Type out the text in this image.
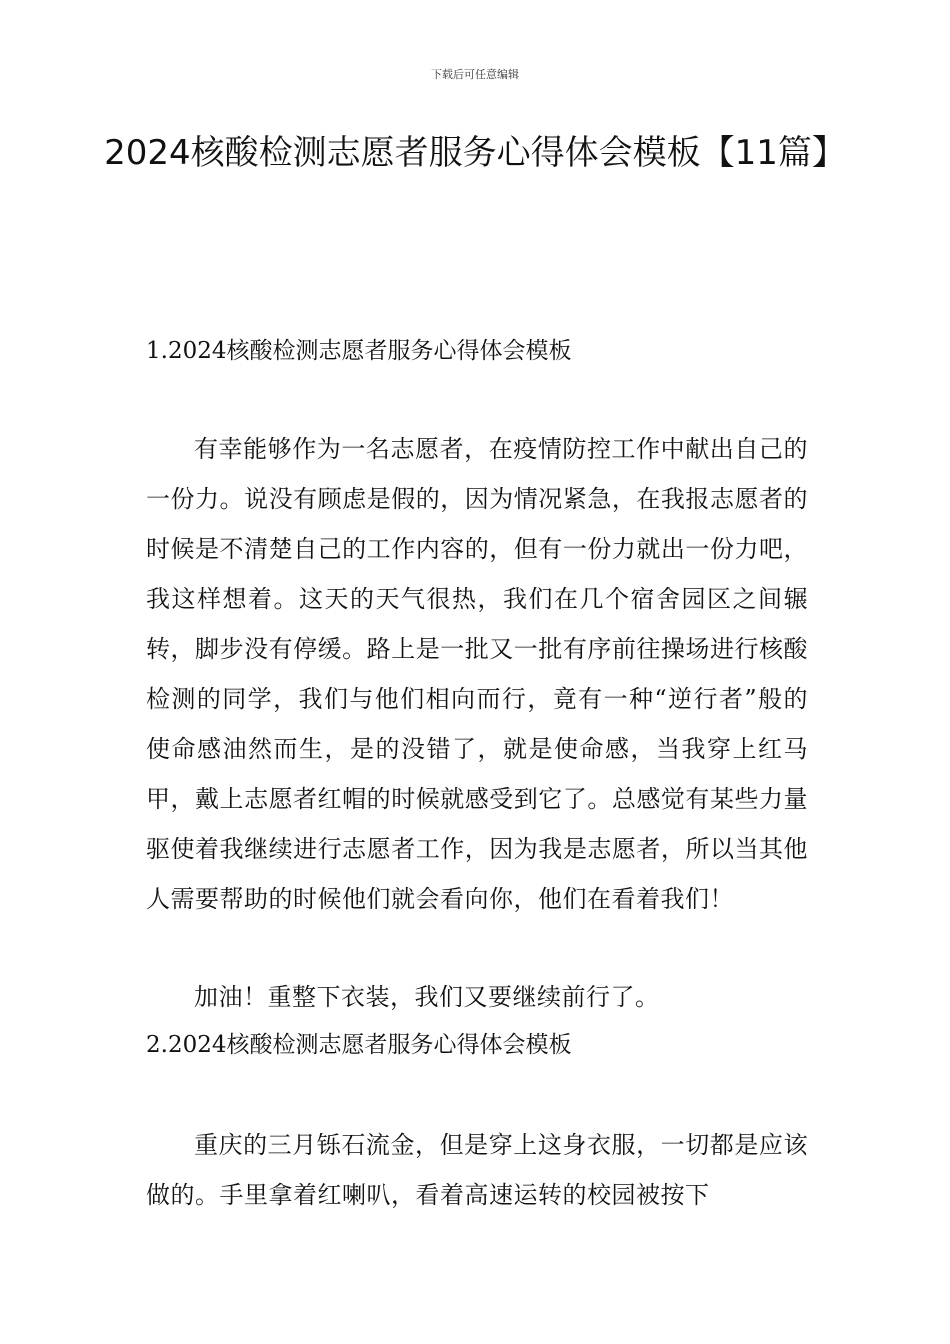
下载后可任意编辑
2024核酸检测志愿者服务心得体会模板【11篇】
1.2024核酸检测志愿者服务心得体会模板

有幸能够作为一名志愿者，在疫情防控工作中献出自己的一份力。说没有顾虑是假的，因为情况紧急，在我报志愿者的时候是不清楚自己的工作内容的，但有一份力就出一份力吧，我这样想着。这天的天气很热，我们在几个宿舍园区之间辗转，脚步没有停缓。路上是一批又一批有序前往操场进行核酸检测的同学，我们与他们相向而行，竟有一种“逆行者”般的使命感油然而生，是的没错了，就是使命感，当我穿上红马甲，戴上志愿者红帽的时候就感受到它了。总感觉有某些力量驱使着我继续进行志愿者工作，因为我是志愿者，所以当其他人需要帮助的时候他们就会看向你，他们在看着我们！

加油！重整下衣装，我们又要继续前行了。

2.2024核酸检测志愿者服务心得体会模板

重庆的三月铄石流金，但是穿上这身衣服，一切都是应该做的。手里拿着红喇叭，看着高速运转的校园被按下
